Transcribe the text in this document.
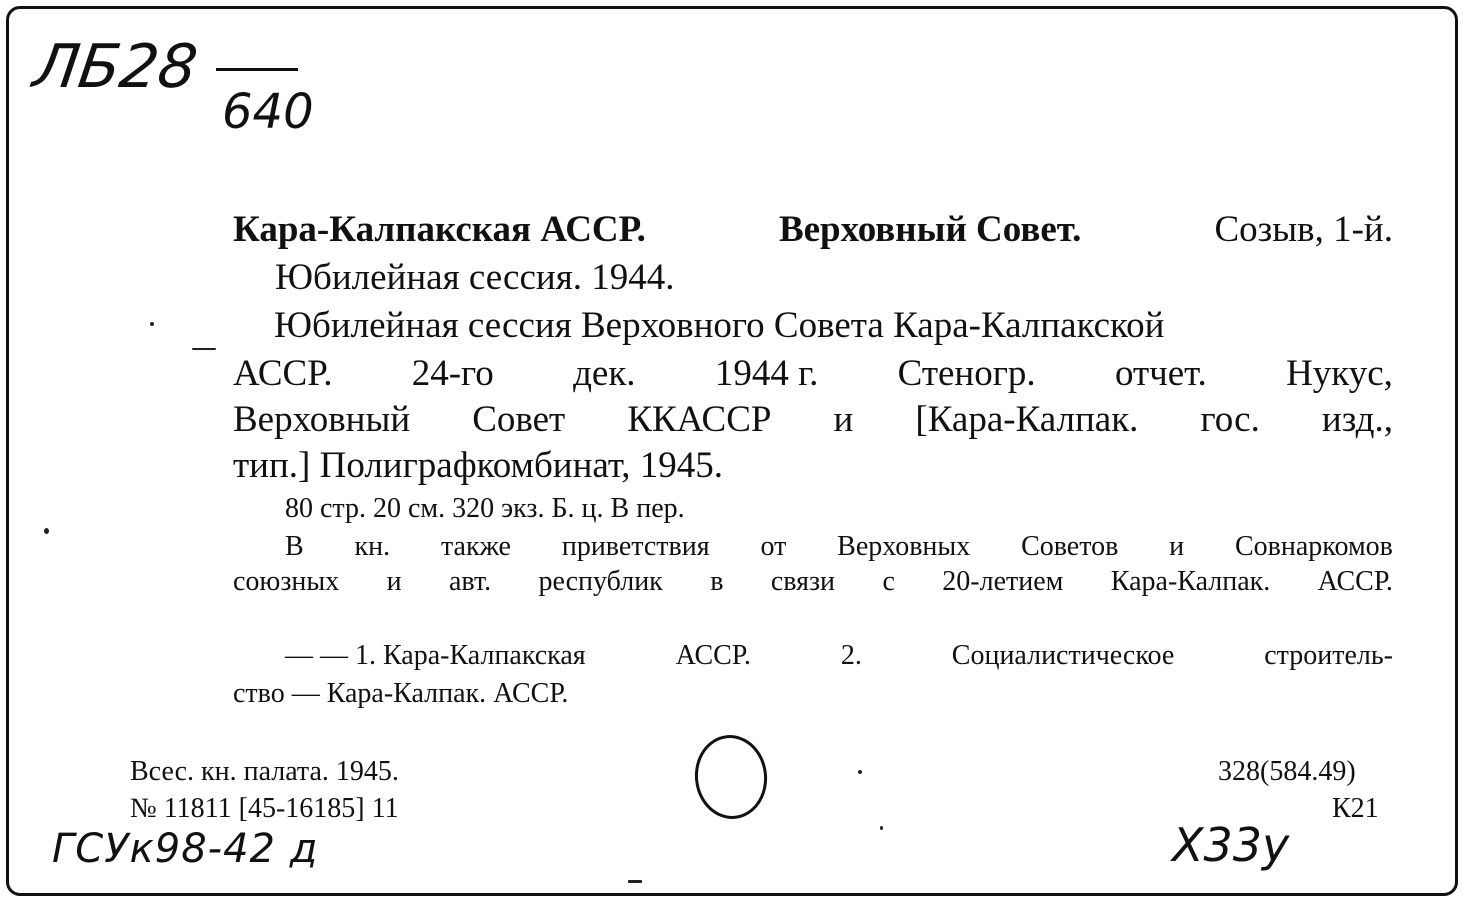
ЛБ28
640
Кара-Калпакская АССР.	Верховный Совет.	Созыв, 1-й.
Юбилейная сессия. 1944.
Юбилейная сессия Верховного Совета Кара-Калпакской
АССР. 24-го дек. 1944 г. Стеногр. отчет. Нукус,
Верховный Совет ККАССР и [Кара-Калпак. гос. изд.,
тип.] Полиграфкомбинат, 1945.
80 стр. 20 см. 320 экз. Б. ц. В пер.
В кн. также приветствия от Верховных Советов и Совнаркомов
союзных и авт. республик в связи с 20-летием Кара-Калпак. АССР.
— — 1. Кара-Калпакская	АССР.	2.	Социалистическое	строитель-
ство — Кара-Калпак. АССР.
Всес. кн. палата. 1945.
№ 11811 [45-16185] 11
328(584.49)
К21
ГСУк98-42 д	Х33у
